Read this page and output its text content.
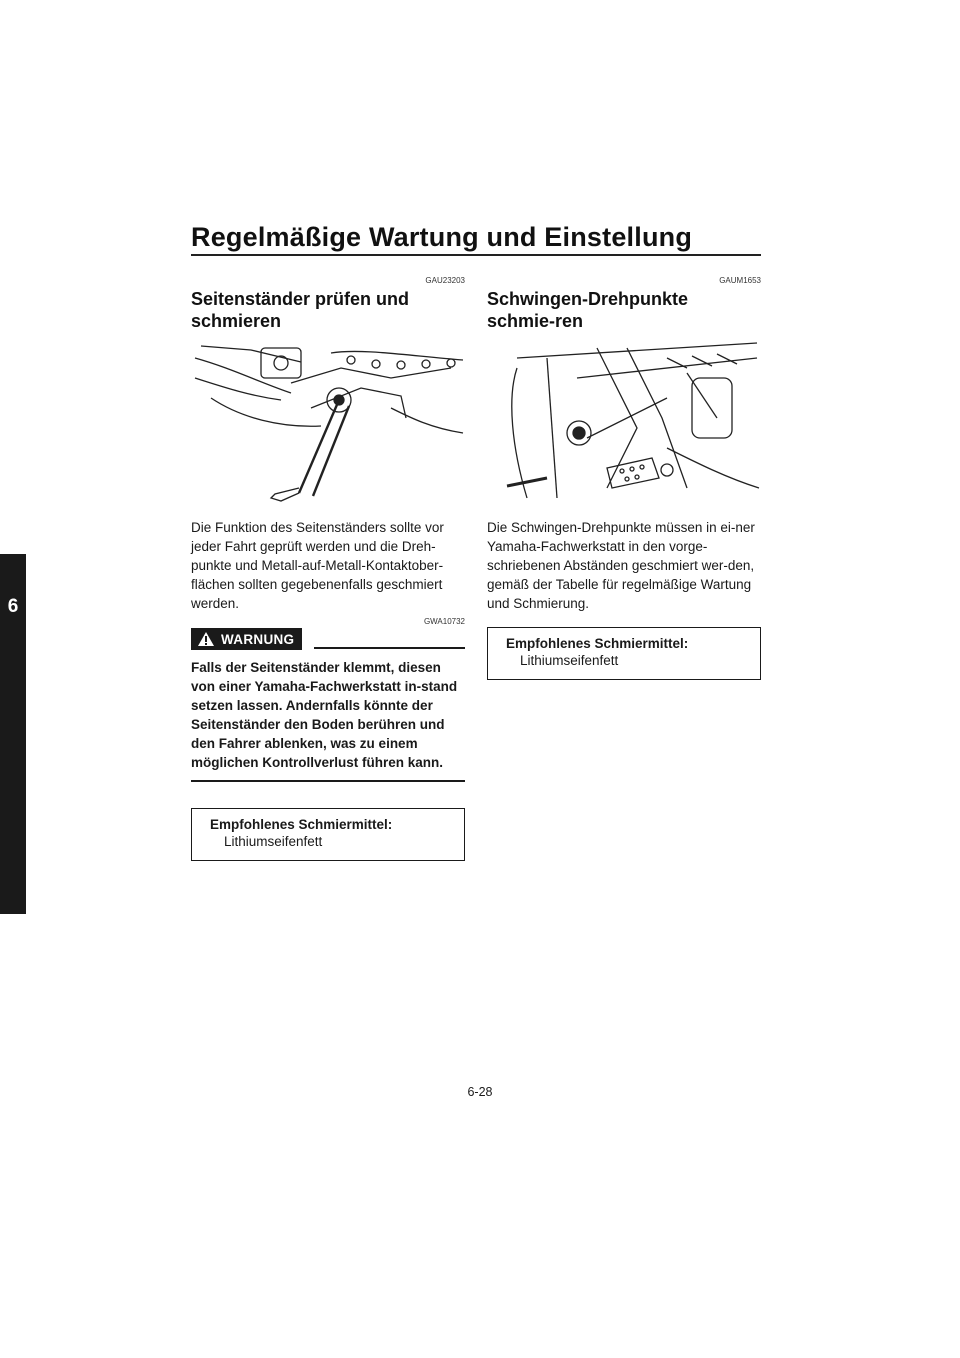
Regelmäßige Wartung und Einstellung
6
GAU23203
Seitenständer prüfen und schmieren
Die Funktion des Seitenständers sollte vor jeder Fahrt geprüft werden und die Dreh-punkte und Metall-auf-Metall-Kontaktober-flächen sollten gegebenenfalls geschmiert werden.
GWA10732
WARNUNG
Falls der Seitenständer klemmt, diesen von einer Yamaha-Fachwerkstatt in-stand setzen lassen. Andernfalls könnte der Seitenständer den Boden berühren und den Fahrer ablenken, was zu einem möglichen Kontrollverlust führen kann.
Empfohlenes Schmiermittel:
Lithiumseifenfett
GAUM1653
Schwingen-Drehpunkte schmie-ren
Die Schwingen-Drehpunkte müssen in ei-ner Yamaha-Fachwerkstatt in den vorge-schriebenen Abständen geschmiert wer-den, gemäß der Tabelle für regelmäßige Wartung und Schmierung.
Empfohlenes Schmiermittel:
Lithiumseifenfett
6-28
